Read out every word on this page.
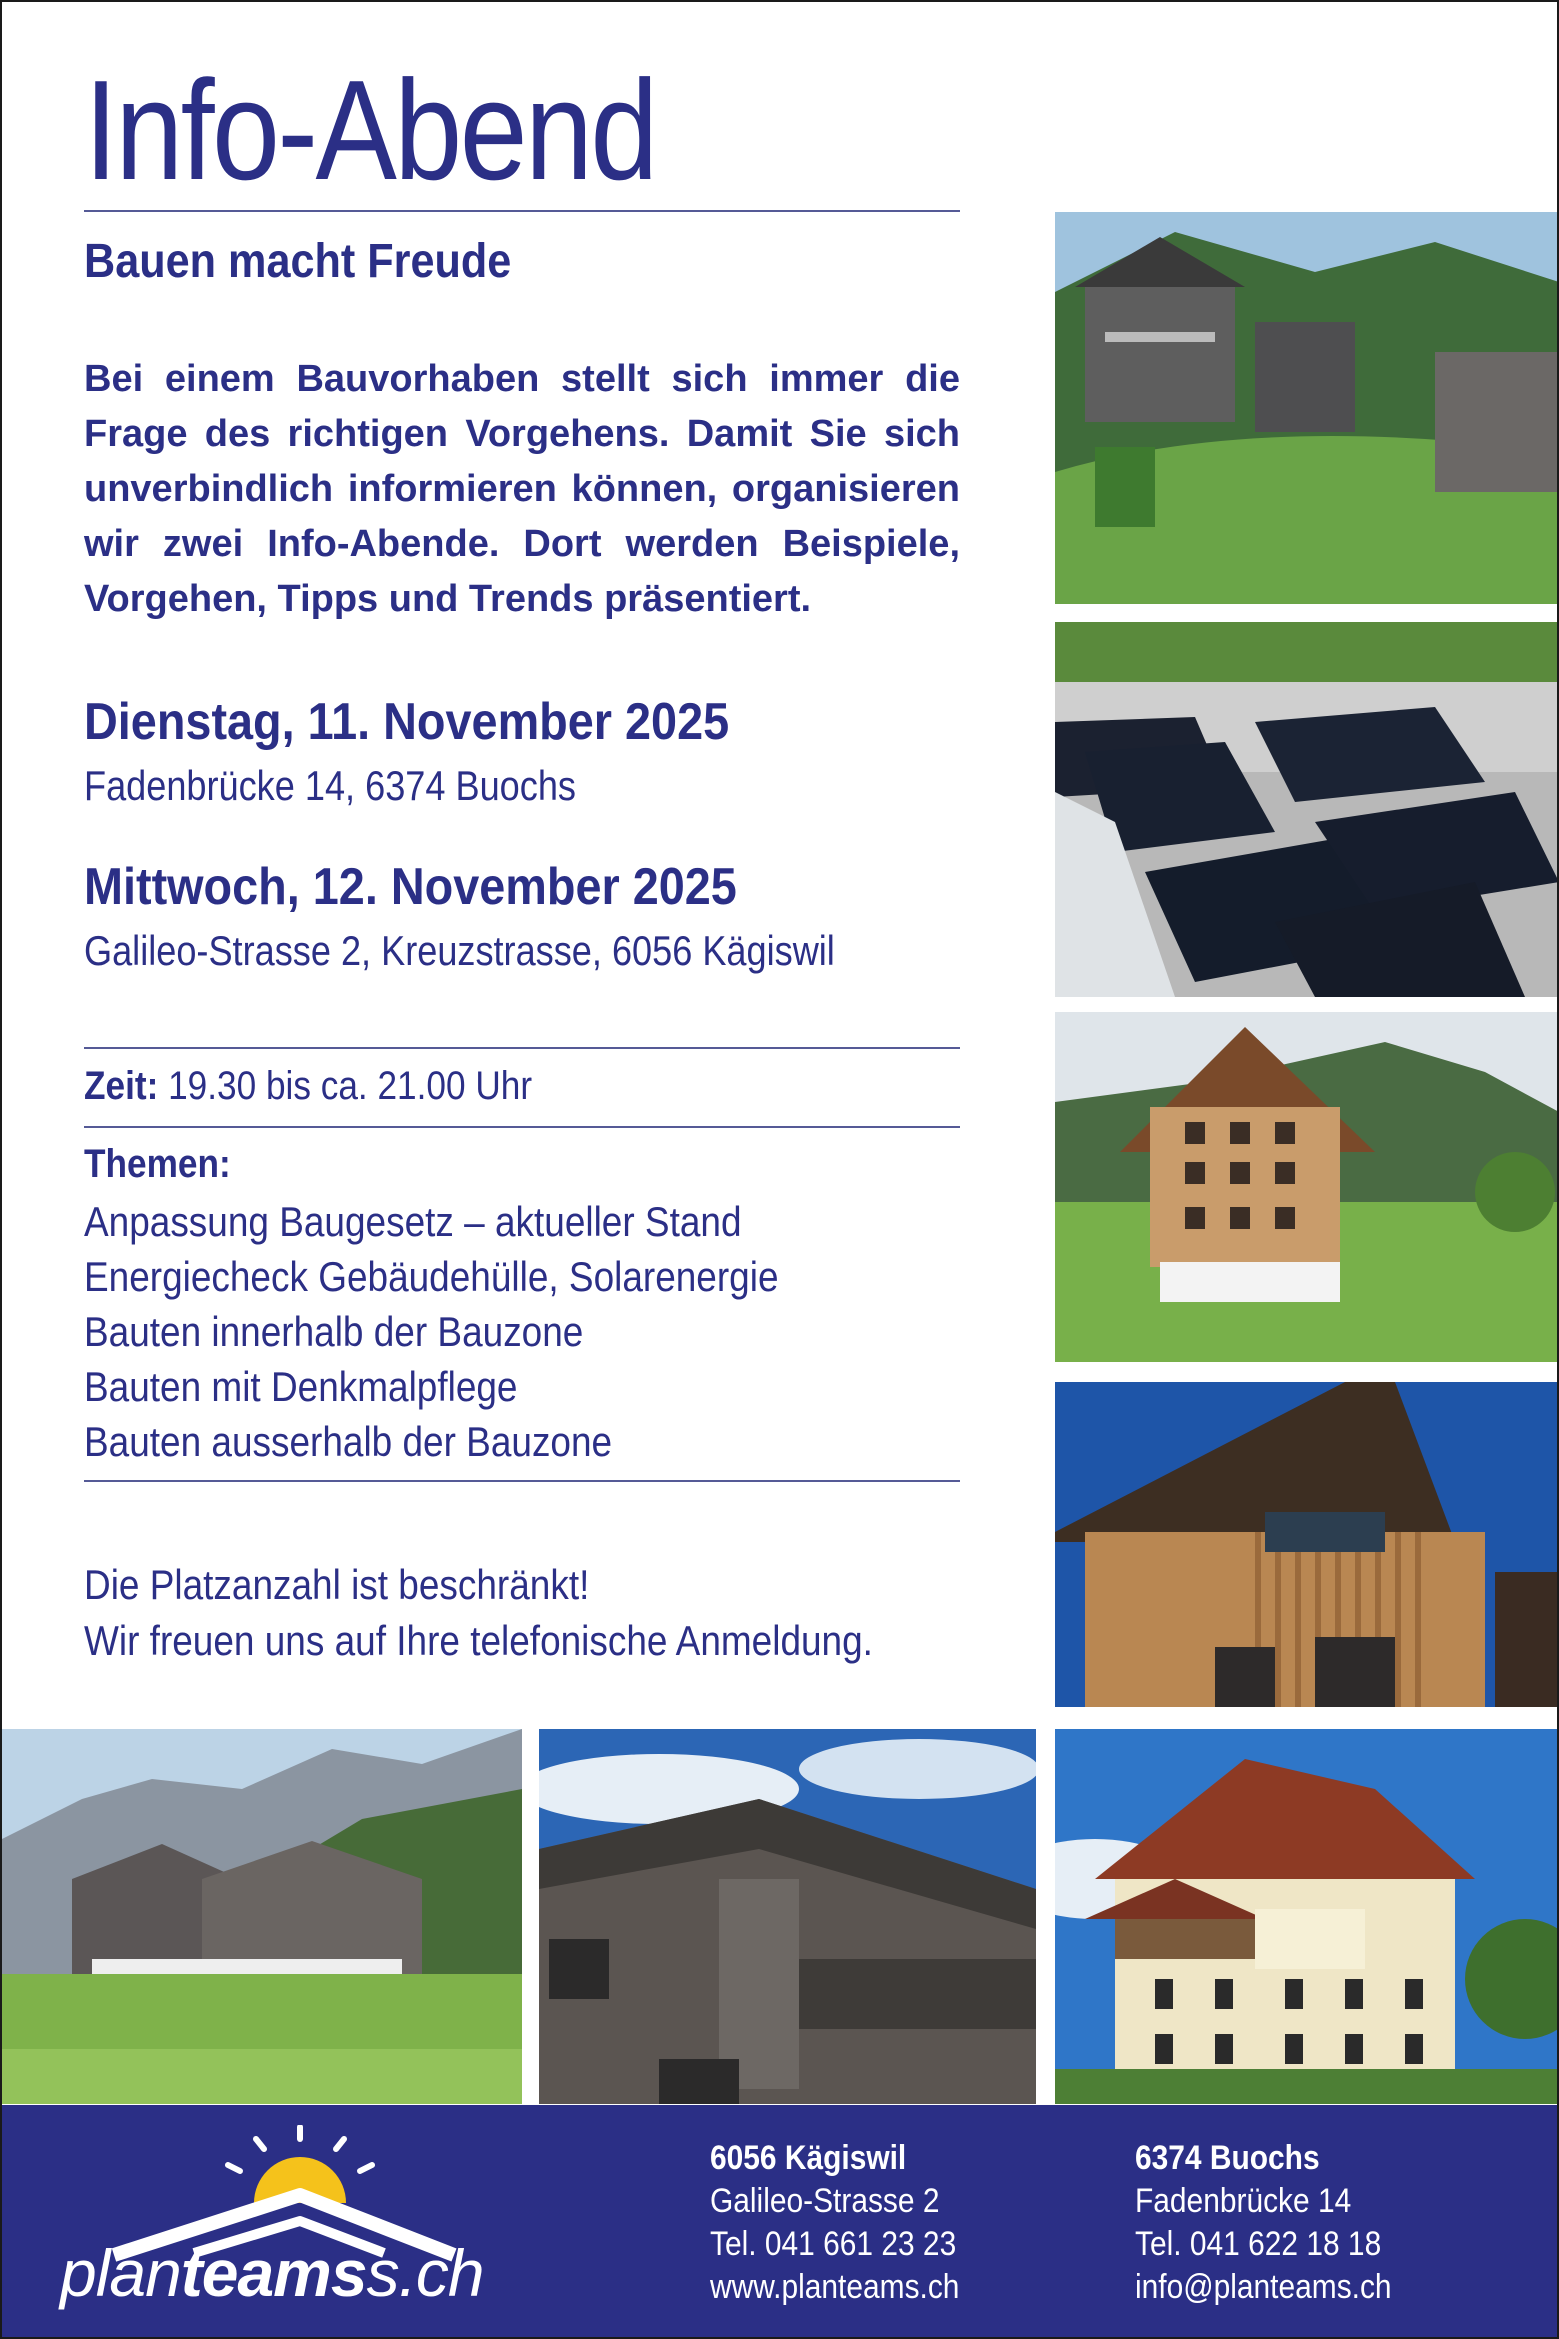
Info-Abend
Bauen macht Freude
Bei einem Bauvorhaben stellt sich immer die
Frage des richtigen Vorgehens. Damit Sie sich
unverbindlich informieren können, organisieren
wir zwei Info-Abende. Dort werden Beispiele,
Vorgehen, Tipps und Trends präsentiert.
Dienstag, 11. November 2025
Fadenbrücke 14, 6374 Buochs
Mittwoch, 12. November 2025
Galileo-Strasse 2, Kreuzstrasse, 6056 Kägiswil
Zeit: 19.30 bis ca. 21.00 Uhr
Themen:
Anpassung Baugesetz – aktueller Stand
Energiecheck Gebäudehülle, Solarenergie
Bauten innerhalb der Bauzone
Bauten mit Denkmalpflege
Bauten ausserhalb der Bauzone
Die Platzanzahl ist beschränkt!
Wir freuen uns auf Ihre telefonische Anmeldung.
planteamss.ch
6056 Kägiswil
Galileo-Strasse 2
Tel. 041 661 23 23
www.planteams.ch
6374 Buochs
Fadenbrücke 14
Tel. 041 622 18 18
info@planteams.ch
